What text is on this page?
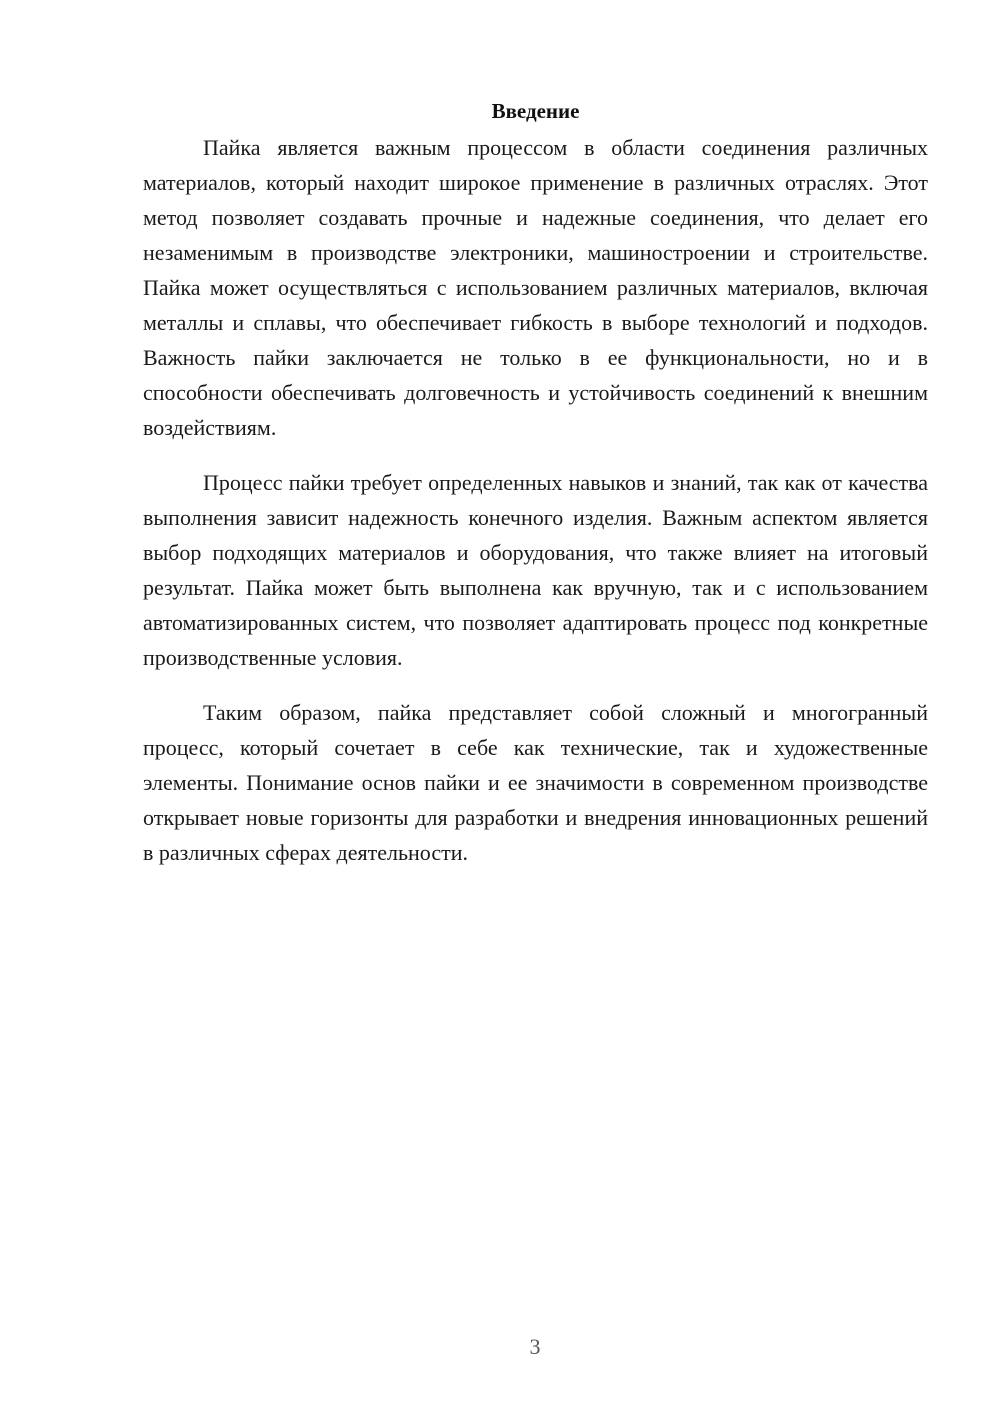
Введение

Пайка является важным процессом в области соединения различных материалов, который находит широкое применение в различных отраслях. Этот метод позволяет создавать прочные и надежные соединения, что делает его незаменимым в производстве электроники, машиностроении и строительстве. Пайка может осуществляться с использованием различных материалов, включая металлы и сплавы, что обеспечивает гибкость в выборе технологий и подходов. Важность пайки заключается не только в ее функциональности, но и в способности обеспечивать долговечность и устойчивость соединений к внешним воздействиям.

Процесс пайки требует определенных навыков и знаний, так как от качества выполнения зависит надежность конечного изделия. Важным аспектом является выбор подходящих материалов и оборудования, что также влияет на итоговый результат. Пайка может быть выполнена как вручную, так и с использованием автоматизированных систем, что позволяет адаптировать процесс под конкретные производственные условия.

Таким образом, пайка представляет собой сложный и многогранный процесс, который сочетает в себе как технические, так и художественные элементы. Понимание основ пайки и ее значимости в современном производстве открывает новые горизонты для разработки и внедрения инновационных решений в различных сферах деятельности.

3
